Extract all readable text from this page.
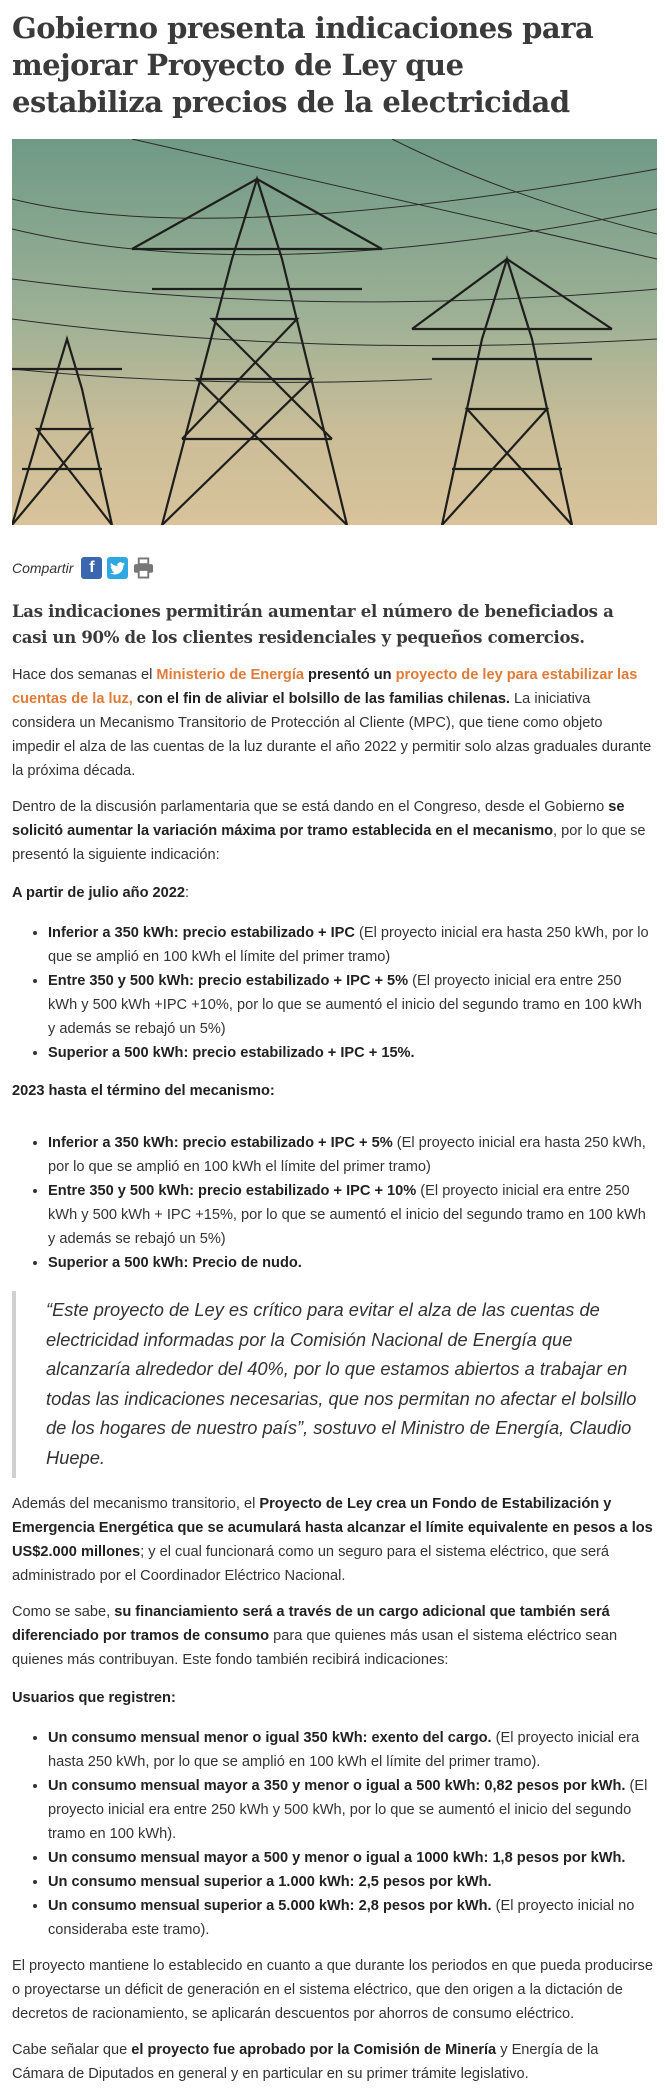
Gobierno presenta indicaciones para mejorar Proyecto de Ley que estabiliza precios de la electricidad
Compartir f
Las indicaciones permitirán aumentar el número de beneficiados a casi un 90% de los clientes residenciales y pequeños comercios.

Hace dos semanas el Ministerio de Energía presentó un proyecto de ley para estabilizar las cuentas de la luz, con el fin de aliviar el bolsillo de las familias chilenas. La iniciativa considera un Mecanismo Transitorio de Protección al Cliente (MPC), que tiene como objeto impedir el alza de las cuentas de la luz durante el año 2022 y permitir solo alzas graduales durante la próxima década.

Dentro de la discusión parlamentaria que se está dando en el Congreso, desde el Gobierno se solicitó aumentar la variación máxima por tramo establecida en el mecanismo, por lo que se presentó la siguiente indicación:

A partir de julio año 2022:

• Inferior a 350 kWh: precio estabilizado + IPC (El proyecto inicial era hasta 250 kWh, por lo que se amplió en 100 kWh el límite del primer tramo)
• Entre 350 y 500 kWh: precio estabilizado + IPC + 5% (El proyecto inicial era entre 250 kWh y 500 kWh +IPC +10%, por lo que se aumentó el inicio del segundo tramo en 100 kWh y además se rebajó un 5%)
• Superior a 500 kWh: precio estabilizado + IPC + 15%.

2023 hasta el término del mecanismo:

• Inferior a 350 kWh: precio estabilizado + IPC + 5% (El proyecto inicial era hasta 250 kWh, por lo que se amplió en 100 kWh el límite del primer tramo)
• Entre 350 y 500 kWh: precio estabilizado + IPC + 10% (El proyecto inicial era entre 250 kWh y 500 kWh + IPC +15%, por lo que se aumentó el inicio del segundo tramo en 100 kWh y además se rebajó un 5%)
• Superior a 500 kWh: Precio de nudo.
“Este proyecto de Ley es crítico para evitar el alza de las cuentas de electricidad informadas por la Comisión Nacional de Energía que alcanzaría alrededor del 40%, por lo que estamos abiertos a trabajar en todas las indicaciones necesarias, que nos permitan no afectar el bolsillo de los hogares de nuestro país”, sostuvo el Ministro de Energía, Claudio Huepe.

Además del mecanismo transitorio, el Proyecto de Ley crea un Fondo de Estabilización y Emergencia Energética que se acumulará hasta alcanzar el límite equivalente en pesos a los US$2.000 millones; y el cual funcionará como un seguro para el sistema eléctrico, que será administrado por el Coordinador Eléctrico Nacional.

Como se sabe, su financiamiento será a través de un cargo adicional que también será diferenciado por tramos de consumo para que quienes más usan el sistema eléctrico sean quienes más contribuyan. Este fondo también recibirá indicaciones:

Usuarios que registren:

• Un consumo mensual menor o igual 350 kWh: exento del cargo. (El proyecto inicial era hasta 250 kWh, por lo que se amplió en 100 kWh el límite del primer tramo).
• Un consumo mensual mayor a 350 y menor o igual a 500 kWh: 0,82 pesos por kWh. (El proyecto inicial era entre 250 kWh y 500 kWh, por lo que se aumentó el inicio del segundo tramo en 100 kWh).
• Un consumo mensual mayor a 500 y menor o igual a 1000 kWh: 1,8 pesos por kWh.
• Un consumo mensual superior a 1.000 kWh: 2,5 pesos por kWh.
• Un consumo mensual superior a 5.000 kWh: 2,8 pesos por kWh. (El proyecto inicial no consideraba este tramo).

El proyecto mantiene lo establecido en cuanto a que durante los periodos en que pueda producirse o proyectarse un déficit de generación en el sistema eléctrico, que den origen a la dictación de decretos de racionamiento, se aplicarán descuentos por ahorros de consumo eléctrico.

Cabe señalar que el proyecto fue aprobado por la Comisión de Minería y Energía de la Cámara de Diputados en general y en particular en su primer trámite legislativo.
